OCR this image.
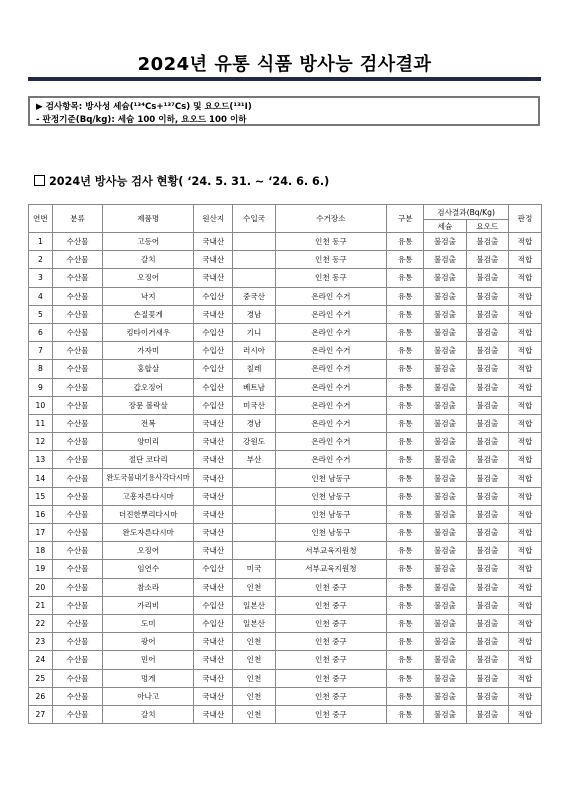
2024년 유통 식품 방사능 검사결과
▶ 검사항목: 방사성 세슘(¹³⁴Cs+¹³⁷Cs) 및 요오드(¹³¹I)
- 판정기준(Bq/kg): 세슘 100 이하, 요오드 100 이하
2024년 방사능 검사 현황( ‘24. 5. 31. ~ ‘24. 6. 6.)
연번	분류	제품명	원산지	수입국	수거장소	구분	검사결과(Bq/Kg)		판정
							세슘	요오드	
1	수산물	고등어	국내산		인천 동구	유통	불검출	불검출	적합
2	수산물	갈치	국내산		인천 동구	유통	불검출	불검출	적합
3	수산물	오징어	국내산		인천 동구	유통	불검출	불검출	적합
4	수산물	낙지	수입산	중국산	온라인 수거	유통	불검출	불검출	적합
5	수산물	손질꽃게	국내산	경남	온라인 수거	유통	불검출	불검출	적합
6	수산물	킹타이거새우	수입산	기니	온라인 수거	유통	불검출	불검출	적합
7	수산물	가자미	수입산	러시아	온라인 수거	유통	불검출	불검출	적합
8	수산물	홍합살	수입산	칠레	온라인 수거	유통	불검출	불검출	적합
9	수산물	갑오징어	수입산	베트남	온라인 수거	유통	불검출	불검출	적합
10	수산물	장문 볼락살	수입산	미국산	온라인 수거	유통	불검출	불검출	적합
11	수산물	전복	국내산	경남	온라인 수거	유통	불검출	불검출	적합
12	수산물	양미리	국내산	강원도	온라인 수거	유통	불검출	불검출	적합
13	수산물	절단 코다리	국내산	부산	온라인 수거	유통	불검출	불검출	적합
14	수산물	완도국물내기용사각다시마	국내산		인천 남동구	유통	불검출	불검출	적합
15	수산물	고흥자른다시마	국내산		인천 남동구	유통	불검출	불검출	적합
16	수산물	더진한뿌리다시마	국내산		인천 남동구	유통	불검출	불검출	적합
17	수산물	완도자른다시마	국내산		인천 남동구	유통	불검출	불검출	적합
18	수산물	오징어	국내산		서부교육지원청	유통	불검출	불검출	적합
19	수산물	임연수	수입산	미국	서부교육지원청	유통	불검출	불검출	적합
20	수산물	참소라	국내산	인천	인천 중구	유통	불검출	불검출	적합
21	수산물	가리비	수입산	일본산	인천 중구	유통	불검출	불검출	적합
22	수산물	도미	수입산	일본산	인천 중구	유통	불검출	불검출	적합
23	수산물	광어	국내산	인천	인천 중구	유통	불검출	불검출	적합
24	수산물	민어	국내산	인천	인천 중구	유통	불검출	불검출	적합
25	수산물	멍게	국내산	인천	인천 중구	유통	불검출	불검출	적합
26	수산물	아나고	국내산	인천	인천 중구	유통	불검출	불검출	적합
27	수산물	갈치	국내산	인천	인천 중구	유통	불검출	불검출	적합
